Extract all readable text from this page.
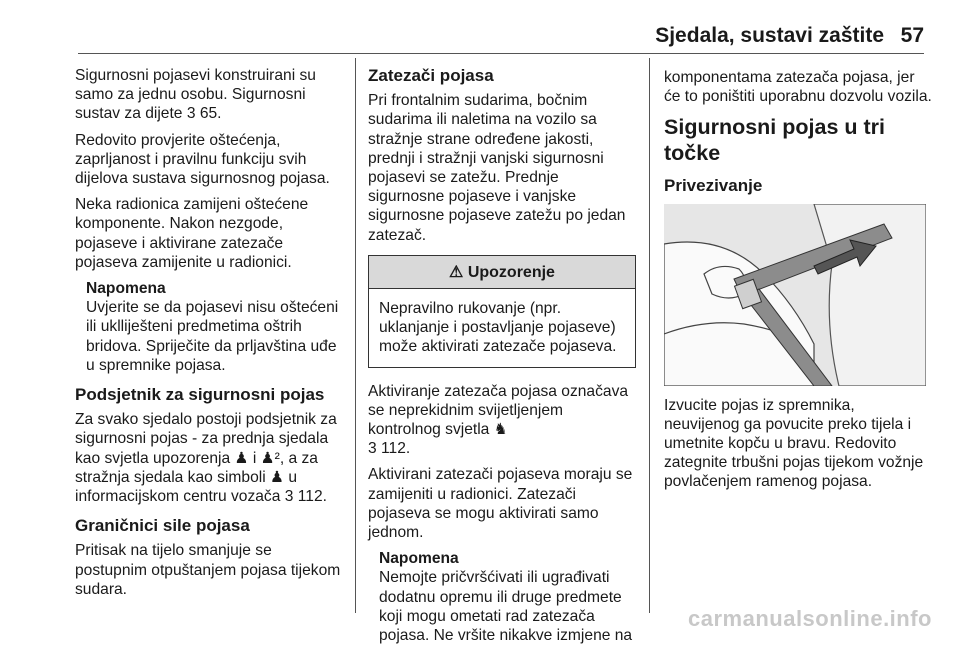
Sjedala, sustavi zaštite 57

Sigurnosni pojasevi konstruirani su samo za jednu osobu. Sigurnosni sustav za dijete 3 65.

Redovito provjerite oštećenja, zaprljanost i pravilnu funkciju svih dijelova sustava sigurnosnog pojasa.

Neka radionica zamijeni oštećene komponente. Nakon nezgode, pojaseve i aktivirane zatezače pojaseva zamijenite u radionici.

Napomena
Uvjerite se da pojasevi nisu oštećeni ili uklliješteni predmetima oštrih bridova. Spriječite da prljavština uđe u spremnike pojasa.
Podsjetnik za sigurnosni pojas

Za svako sjedalo postoji podsjetnik za sigurnosni pojas - za prednja sjedala kao svjetla upozorenja ♟ i ♟², a za stražnja sjedala kao simboli ♟ u informacijskom centru vozača 3 112.

Graničnici sile pojasa

Pritisak na tijelo smanjuje se postupnim otpuštanjem pojasa tijekom sudara.

Zatezači pojasa

Pri frontalnim sudarima, bočnim sudarima ili naletima na vozilo sa stražnje strane određene jakosti, prednji i stražnji vanjski sigurnosni pojasevi se zatežu. Prednje sigurnosne pojaseve i vanjske sigurnosne pojaseve zatežu po jedan zatezač.

⚠ Upozorenje
Nepravilno rukovanje (npr. uklanjanje i postavljanje pojaseve) može aktivirati zatezače pojaseva.

Aktiviranje zatezača pojasa označava se neprekidnim svijetljenjem kontrolnog svjetla ♞
3 112.

Aktivirani zatezači pojaseva moraju se zamijeniti u radionici. Zatezači pojaseva se mogu aktivirati samo jednom.

Napomena
Nemojte pričvršćivati ili ugrađivati dodatnu opremu ili druge predmete koji mogu ometati rad zatezača pojasa. Ne vršite nikakve izmjene na

komponentama zatezača pojasa, jer će to poništiti uporabnu dozvolu vozila.

Sigurnosni pojas u tri točke
Privezivanje

Izvucite pojas iz spremnika, neuvijenog ga povucite preko tijela i umetnite kopču u bravu. Redovito zategnite trbušni pojas tijekom vožnje povlačenjem ramenog pojasa.

carmanualsonline.info
